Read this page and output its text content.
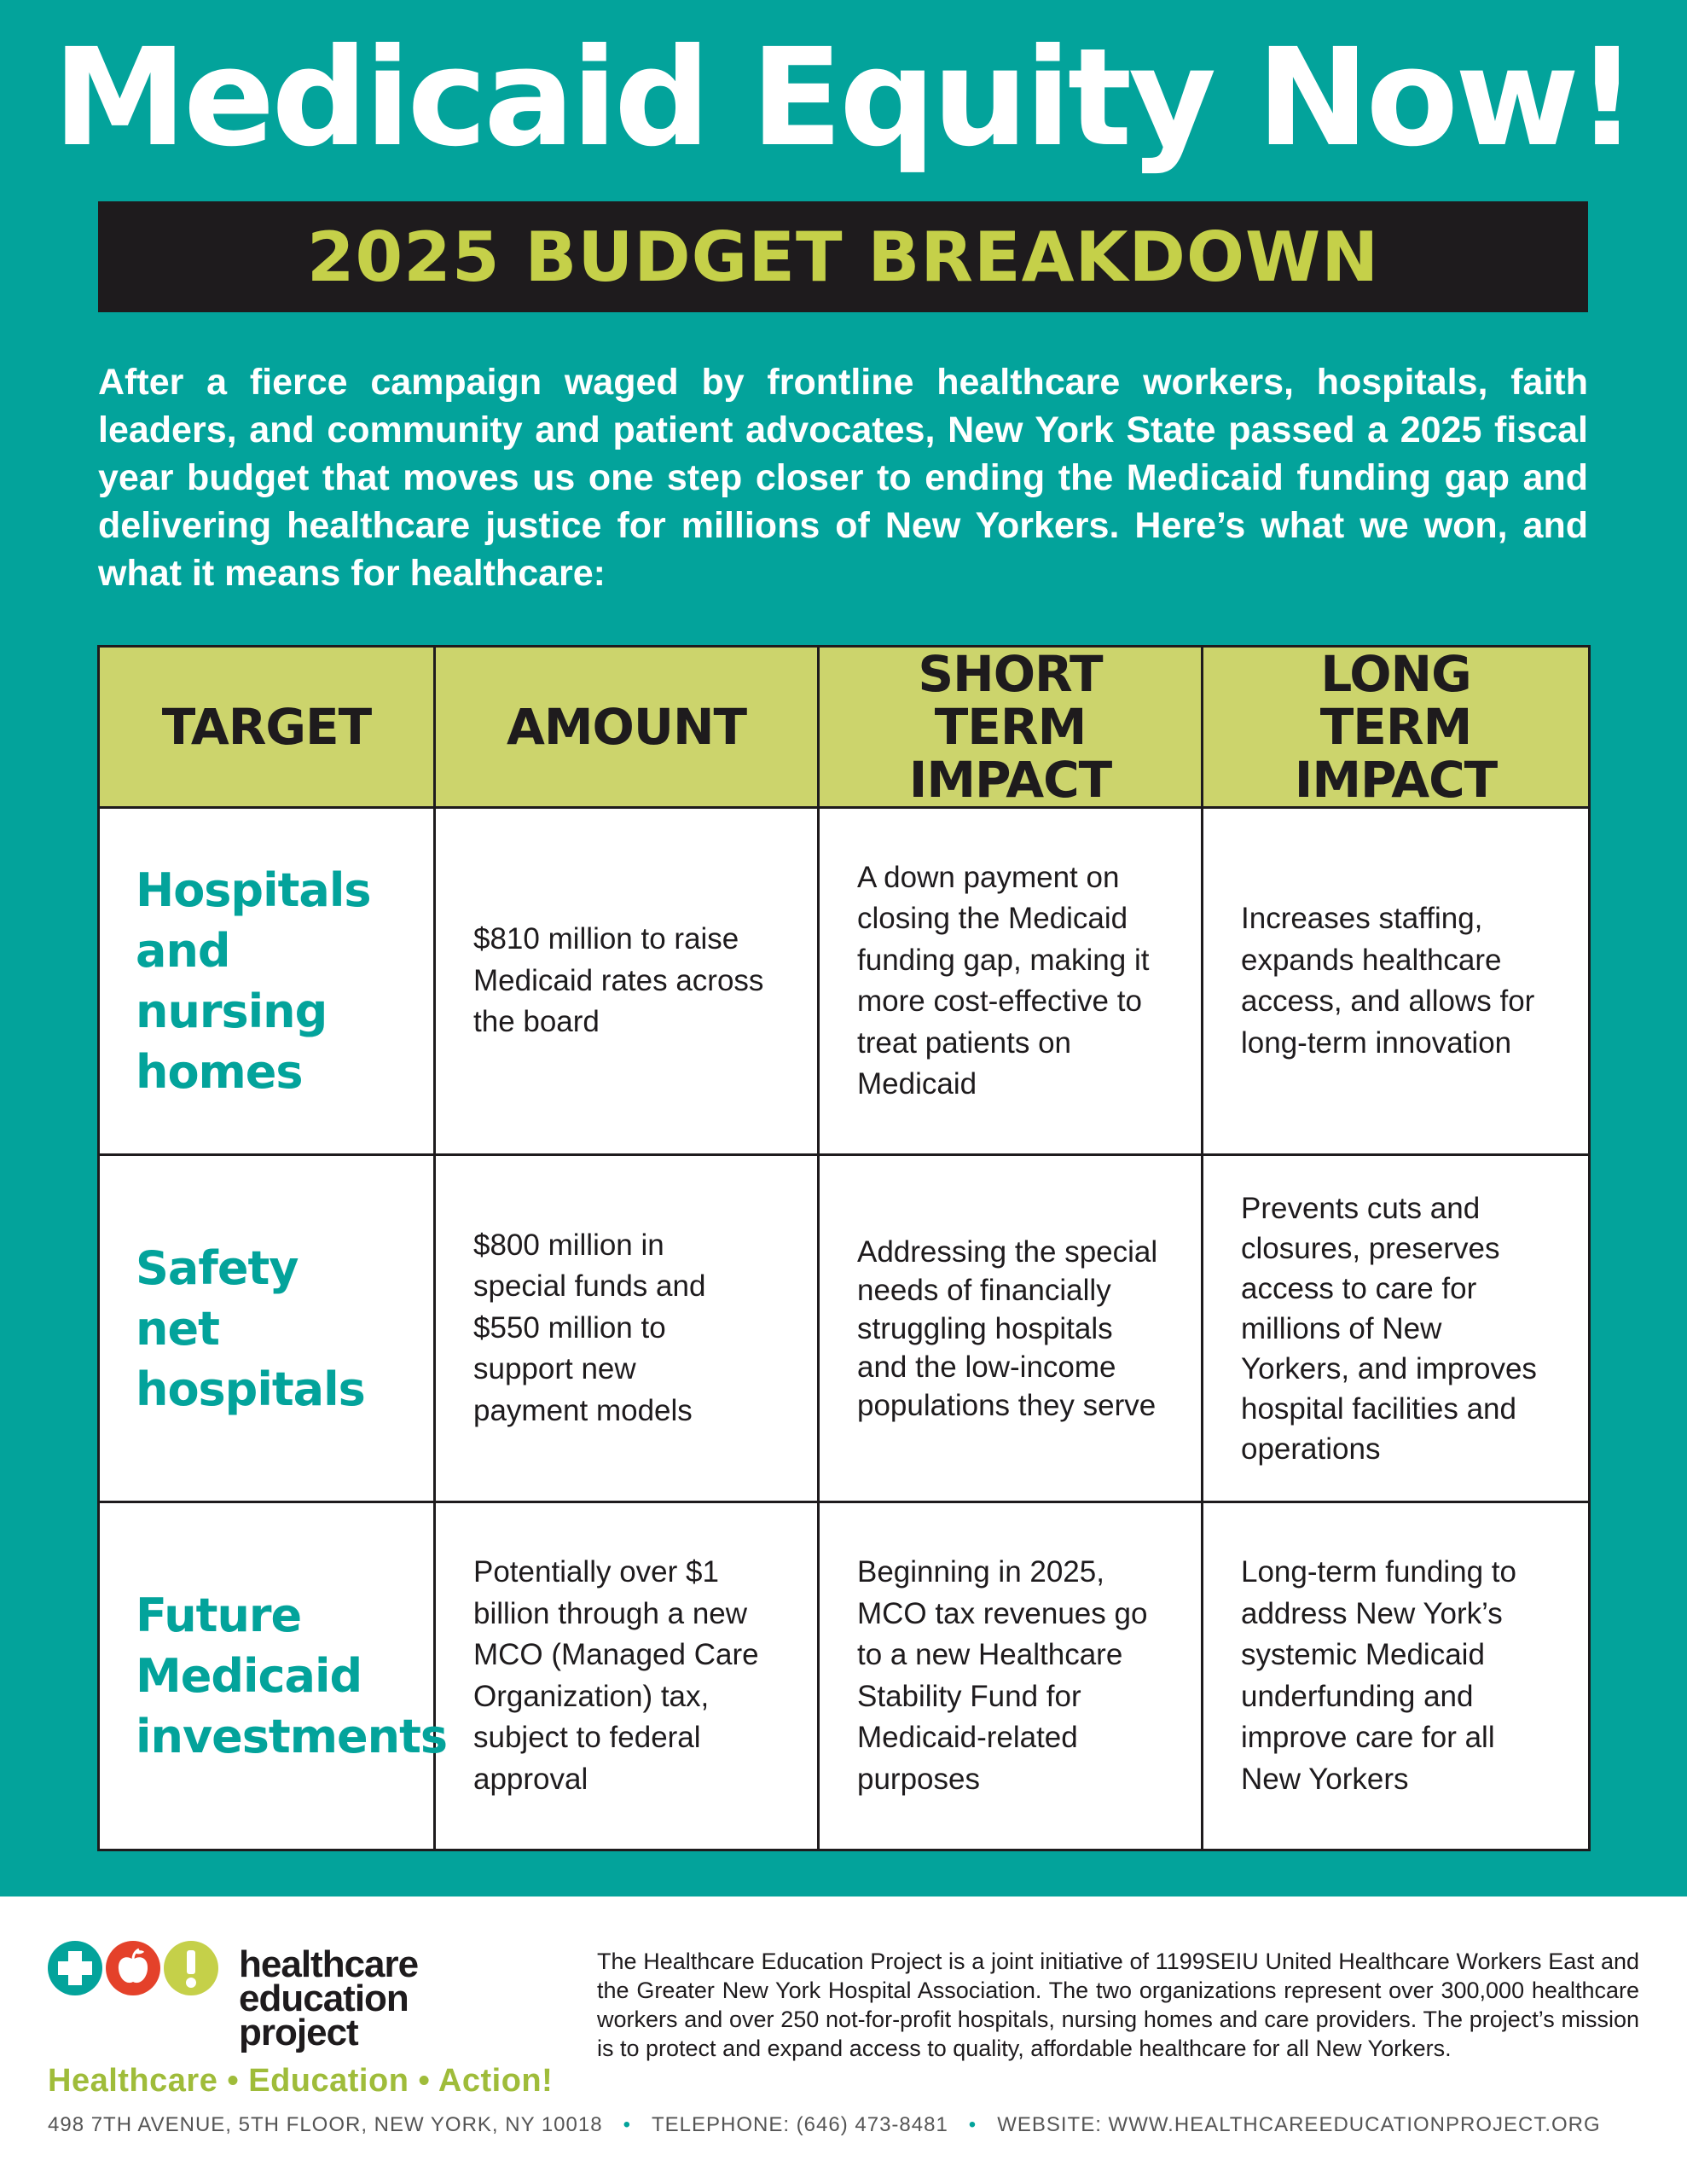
Medicaid Equity Now!
2025 BUDGET BREAKDOWN

After a fierce campaign waged by frontline healthcare workers, hospitals, faith leaders, and community and patient advocates, New York State passed a 2025 fiscal year budget that moves us one step closer to ending the Medicaid funding gap and delivering healthcare justice for millions of New Yorkers. Here’s what we won, and what it means for healthcare:

TARGET	AMOUNT	SHORT TERM IMPACT	LONG TERM IMPACT
Hospitals and nursing homes	$810 million to raise Medicaid rates across the board	A down payment on closing the Medicaid funding gap, making it more cost-effective to treat patients on Medicaid	Increases staffing, expands healthcare access, and allows for long-term innovation
Safety net hospitals	$800 million in special funds and $550 million to support new payment models	Addressing the special needs of financially struggling hospitals and the low-income populations they serve	Prevents cuts and closures, preserves access to care for millions of New Yorkers, and improves hospital facilities and operations
Future Medicaid investments	Potentially over $1 billion through a new MCO (Managed Care Organization) tax, subject to federal approval	Beginning in 2025, MCO tax revenues go to a new Healthcare Stability Fund for Medicaid-related purposes	Long-term funding to address New York’s systemic Medicaid underfunding and improve care for all New Yorkers
healthcare
education
project
Healthcare • Education • Action!

The Healthcare Education Project is a joint initiative of 1199SEIU United Healthcare Workers East and the Greater New York Hospital Association. The two organizations represent over 300,000 healthcare workers and over 250 not-for-profit hospitals, nursing homes and care providers. The project’s mission is to protect and expand access to quality, affordable healthcare for all New Yorkers.

498 7TH AVENUE, 5TH FLOOR, NEW YORK, NY 10018 • TELEPHONE: (646) 473-8481 • WEBSITE: WWW.HEALTHCAREEDUCATIONPROJECT.ORG
